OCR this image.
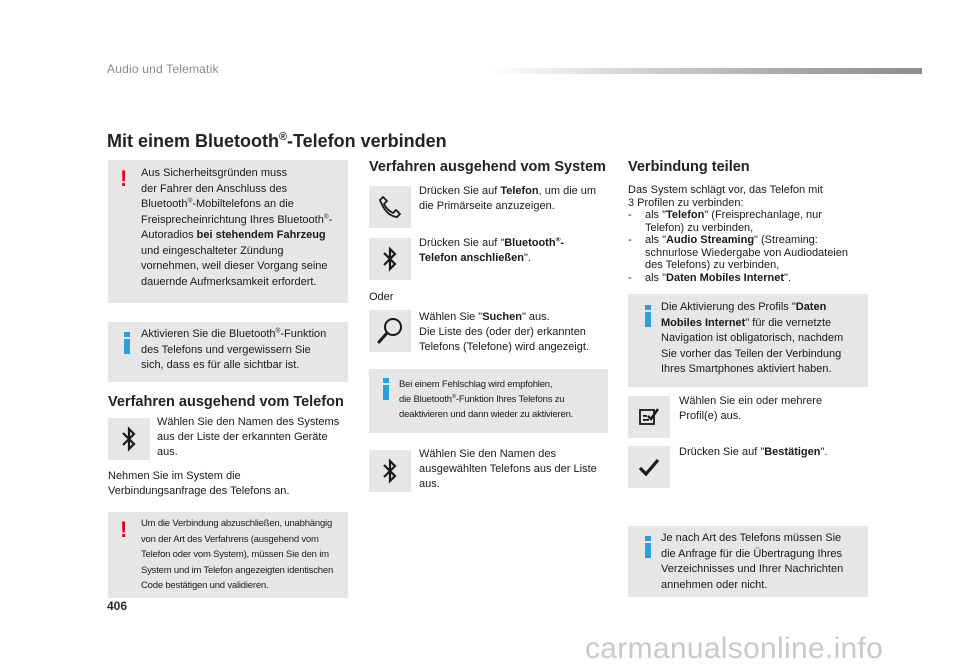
Audio und Telematik
Mit einem Bluetooth®-Telefon verbinden
! Aus Sicherheitsgründen muss
der Fahrer den Anschluss des
Bluetooth®-Mobiltelefons an die
Freisprecheinrichtung Ihres Bluetooth®-
Autoradios bei stehendem Fahrzeug
und eingeschalteter Zündung
vornehmen, weil dieser Vorgang seine
dauernde Aufmerksamkeit erfordert.
Aktivieren Sie die Bluetooth®-Funktion
des Telefons und vergewissern Sie
sich, dass es für alle sichtbar ist.
Verfahren ausgehend vom Telefon
Wählen Sie den Namen des Systems
aus der Liste der erkannten Geräte
aus.
Nehmen Sie im System die
Verbindungsanfrage des Telefons an.
! Um die Verbindung abzuschließen, unabhängig
von der Art des Verfahrens (ausgehend vom
Telefon oder vom System), müssen Sie den im
System und im Telefon angezeigten identischen
Code bestätigen und validieren.
Verfahren ausgehend vom System
Drücken Sie auf Telefon, um die um
die Primärseite anzuzeigen.
Drücken Sie auf "Bluetooth®-
Telefon anschließen".
Oder
Wählen Sie "Suchen" aus.
Die Liste des (oder der) erkannten
Telefons (Telefone) wird angezeigt.
Bei einem Fehlschlag wird empfohlen,
die Bluetooth®-Funktion Ihres Telefons zu
deaktivieren und dann wieder zu aktivieren.
Wählen Sie den Namen des
ausgewählten Telefons aus der Liste
aus.
Verbindung teilen
Das System schlägt vor, das Telefon mit
3 Profilen zu verbinden:
- als "Telefon" (Freisprechanlage, nur
Telefon) zu verbinden,
- als "Audio Streaming" (Streaming:
schnurlose Wiedergabe von Audiodateien
des Telefons) zu verbinden,
- als "Daten Mobiles Internet".
Die Aktivierung des Profils "Daten
Mobiles Internet" für die vernetzte
Navigation ist obligatorisch, nachdem
Sie vorher das Teilen der Verbindung
Ihres Smartphones aktiviert haben.
Wählen Sie ein oder mehrere
Profil(e) aus.
Drücken Sie auf "Bestätigen".
Je nach Art des Telefons müssen Sie
die Anfrage für die Übertragung Ihres
Verzeichnisses und Ihrer Nachrichten
annehmen oder nicht.
406
carmanualsonline.info
